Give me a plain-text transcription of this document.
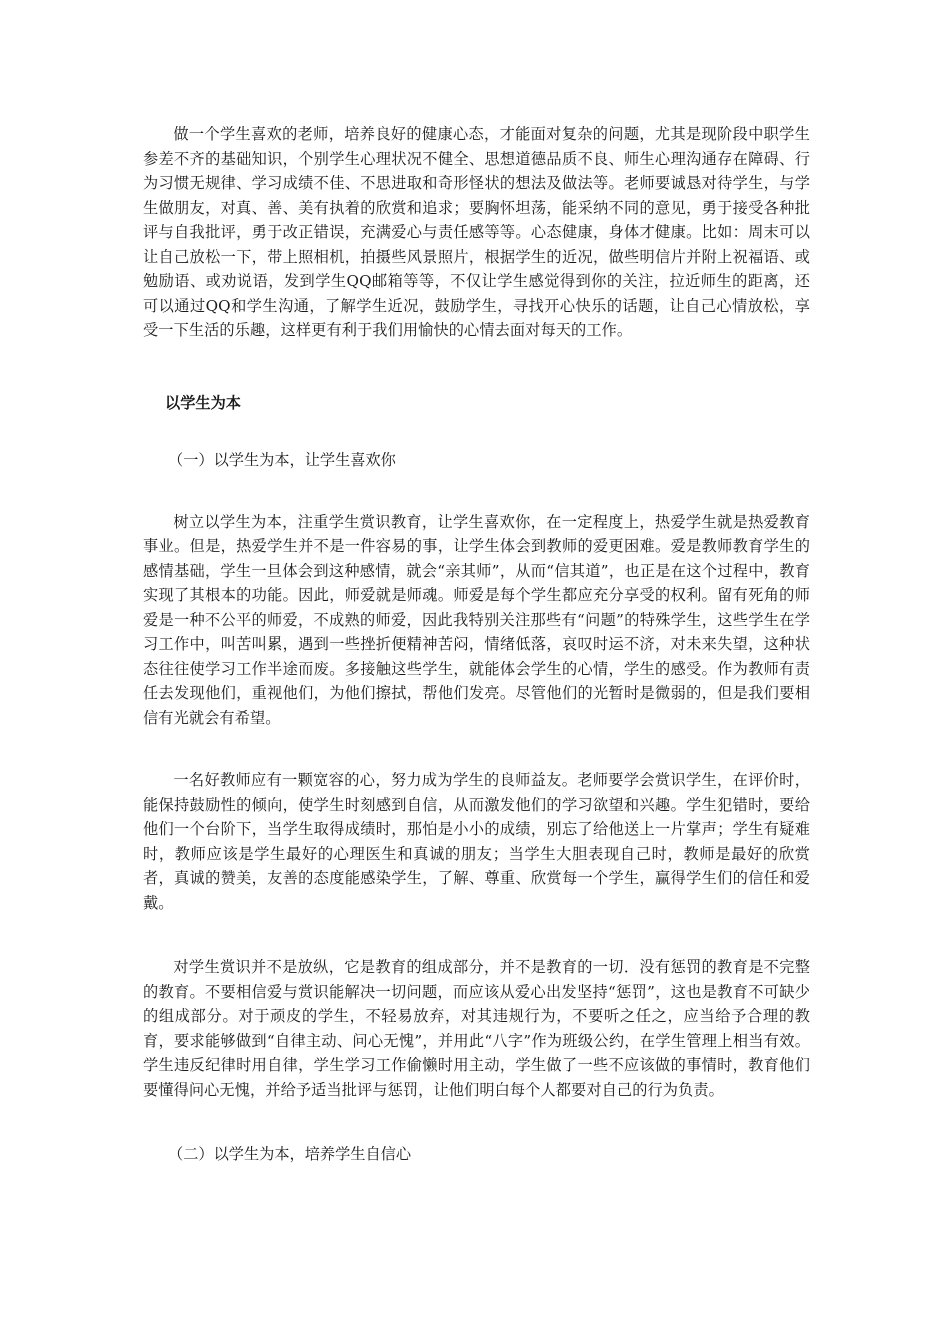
做一个学生喜欢的老师，培养良好的健康心态，才能面对复杂的问题，尤其是现阶段中职学生参差不齐的基础知识，个别学生心理状况不健全、思想道德品质不良、师生心理沟通存在障碍、行为习惯无规律、学习成绩不佳、不思进取和奇形怪状的想法及做法等。老师要诚恳对待学生，与学生做朋友，对真、善、美有执着的欣赏和追求；要胸怀坦荡，能采纳不同的意见，勇于接受各种批评与自我批评，勇于改正错误，充满爱心与责任感等等。心态健康，身体才健康。比如：周末可以让自己放松一下，带上照相机，拍摄些风景照片，根据学生的近况，做些明信片并附上祝福语、或勉励语、或劝说语，发到学生QQ邮箱等等，不仅让学生感觉得到你的关注，拉近师生的距离，还可以通过QQ和学生沟通，了解学生近况，鼓励学生，寻找开心快乐的话题，让自己心情放松，享受一下生活的乐趣，这样更有利于我们用愉快的心情去面对每天的工作。

以学生为本

（一）以学生为本，让学生喜欢你

树立以学生为本，注重学生赏识教育，让学生喜欢你，在一定程度上，热爱学生就是热爱教育事业。但是，热爱学生并不是一件容易的事，让学生体会到教师的爱更困难。爱是教师教育学生的感情基础，学生一旦体会到这种感情，就会“亲其师”，从而“信其道”，也正是在这个过程中，教育实现了其根本的功能。因此，师爱就是师魂。师爱是每个学生都应充分享受的权利。留有死角的师爱是一种不公平的师爱，不成熟的师爱，因此我特别关注那些有“问题”的特殊学生，这些学生在学习工作中，叫苦叫累，遇到一些挫折便精神苦闷，情绪低落，哀叹时运不济，对未来失望，这种状态往往使学习工作半途而废。多接触这些学生，就能体会学生的心情，学生的感受。作为教师有责任去发现他们，重视他们，为他们擦拭，帮他们发亮。尽管他们的光暂时是微弱的，但是我们要相信有光就会有希望。

一名好教师应有一颗宽容的心，努力成为学生的良师益友。老师要学会赏识学生，在评价时，能保持鼓励性的倾向，使学生时刻感到自信，从而激发他们的学习欲望和兴趣。学生犯错时，要给他们一个台阶下，当学生取得成绩时，那怕是小小的成绩，别忘了给他送上一片掌声；学生有疑难时，教师应该是学生最好的心理医生和真诚的朋友；当学生大胆表现自己时，教师是最好的欣赏者，真诚的赞美，友善的态度能感染学生，了解、尊重、欣赏每一个学生，赢得学生们的信任和爱戴。

对学生赏识并不是放纵，它是教育的组成部分，并不是教育的一切．没有惩罚的教育是不完整的教育。不要相信爱与赏识能解决一切问题，而应该从爱心出发坚持“惩罚”，这也是教育不可缺少的组成部分。对于顽皮的学生，不轻易放弃，对其违规行为，不要听之任之，应当给予合理的教育，要求能够做到“自律主动、问心无愧”，并用此“八字”作为班级公约，在学生管理上相当有效。学生违反纪律时用自律，学生学习工作偷懒时用主动，学生做了一些不应该做的事情时，教育他们要懂得问心无愧，并给予适当批评与惩罚，让他们明白每个人都要对自己的行为负责。

（二）以学生为本，培养学生自信心
